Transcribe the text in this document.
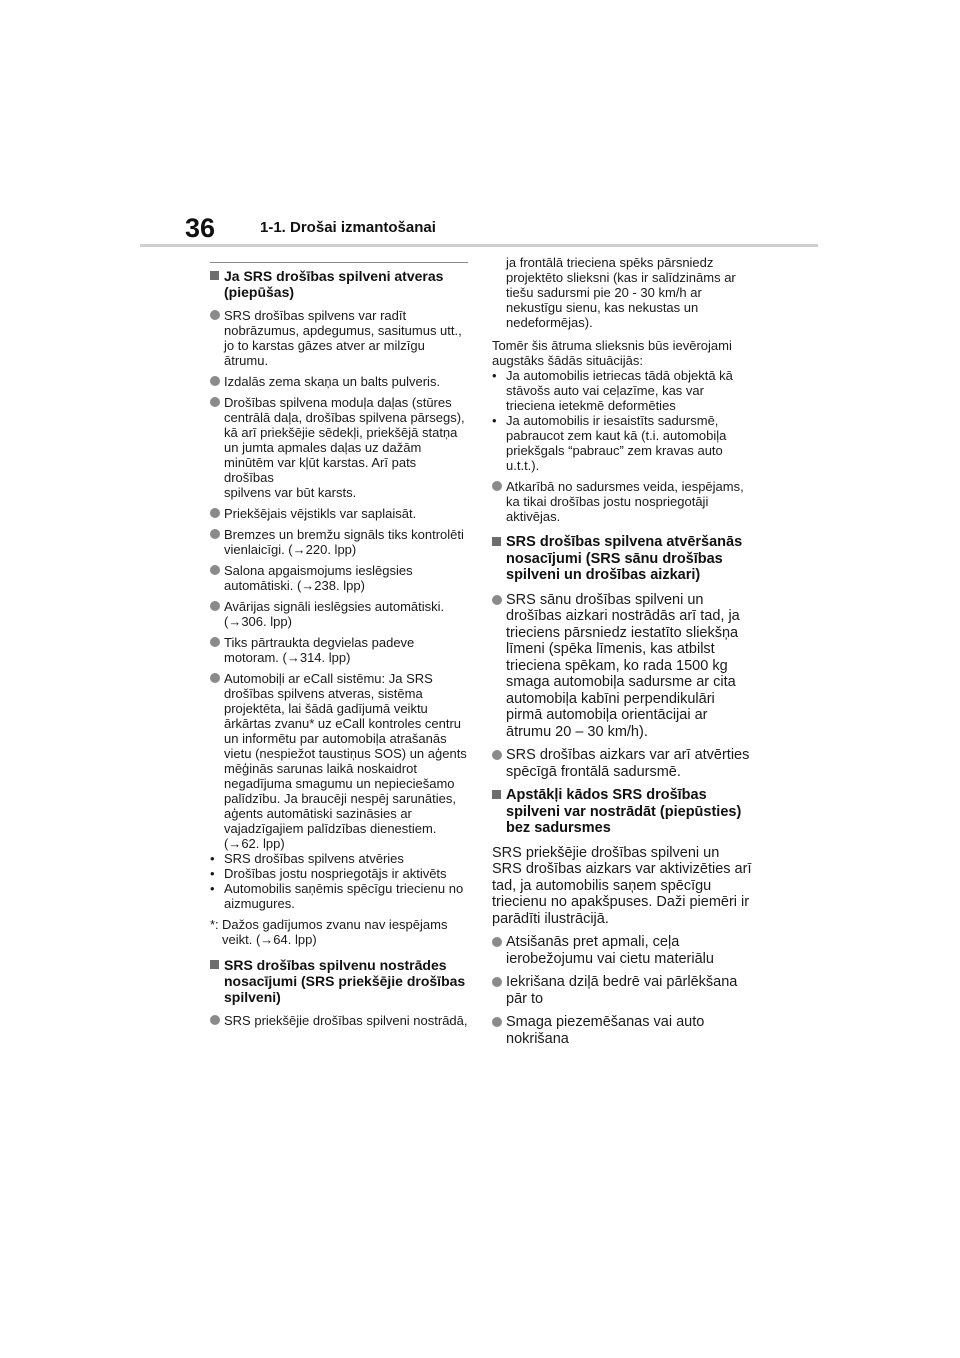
36	1-1. Drošai izmantošanai
Ja SRS drošības spilveni atveras
(piepūšas)
SRS drošības spilvens var radīt
nobrāzumus, apdegumus, sasitumus utt.,
jo to karstas gāzes atver ar milzīgu
ātrumu.
Izdalās zema skaņa un balts pulveris.
Drošības spilvena moduļa daļas (stūres
centrālā daļa, drošības spilvena pārsegs),
kā arī priekšējie sēdekļi, priekšējā statņa
un jumta apmales daļas uz dažām
minūtēm var kļūt karstas. Arī pats drošības
spilvens var būt karsts.
Priekšējais vējstikls var saplaisāt.
Bremzes un bremžu signāls tiks kontrolēti
vienlaicīgi. (→220. lpp)
Salona apgaismojums ieslēgsies
automātiski. (→238. lpp)
Avārijas signāli ieslēgsies automātiski.
(→306. lpp)
Tiks pārtraukta degvielas padeve
motoram. (→314. lpp)
Automobiļi ar eCall sistēmu: Ja SRS
drošības spilvens atveras, sistēma
projektēta, lai šādā gadījumā veiktu
ārkārtas zvanu* uz eCall kontroles centru
un informētu par automobiļa atrašanās
vietu (nespiežot taustiņus SOS) un aģents
mēģinās sarunas laikā noskaidrot
negadījuma smagumu un nepieciešamo
palīdzību. Ja braucēji nespēj sarunāties,
aģents automātiski sazināsies ar
vajadzīgajiem palīdzības dienestiem.
(→62. lpp)
• SRS drošības spilvens atvēries
• Drošības jostu nospriegotājs ir aktivēts
• Automobilis saņēmis spēcīgu triecienu no
aizmugures.
*: Dažos gadījumos zvanu nav iespējams
veikt. (→64. lpp)
SRS drošības spilvenu nostrādes
nosacījumi (SRS priekšējie drošības
spilveni)
SRS priekšējie drošības spilveni nostrādā,
ja frontālā trieciena spēks pārsniedz
projektēto slieksni (kas ir salīdzināms ar
tiešu sadursmi pie 20 - 30 km/h ar
nekustīgu sienu, kas nekustas un
nedeformējas).
Tomēr šis ātruma slieksnis būs ievērojami
augstāks šādās situācijās:
• Ja automobilis ietriecas tādā objektā kā
stāvošs auto vai ceļazīme, kas var
trieciena ietekmē deformēties
• Ja automobilis ir iesaistīts sadursmē,
pabraucot zem kaut kā (t.i. automobiļa
priekšgals “pabrauc” zem kravas auto
u.t.t.).
Atkarībā no sadursmes veida, iespējams,
ka tikai drošības jostu nospriegotāji
aktivējas.
SRS drošības spilvena atvēršanās
nosacījumi (SRS sānu drošības
spilveni un drošības aizkari)
SRS sānu drošības spilveni un
drošības aizkari nostrādās arī tad, ja
trieciens pārsniedz iestatīto sliekšņa
līmeni (spēka līmenis, kas atbilst
trieciena spēkam, ko rada 1500 kg
smaga automobiļa sadursme ar cita
automobiļa kabīni perpendikulāri
pirmā automobiļa orientācijai ar
ātrumu 20 – 30 km/h).
SRS drošības aizkars var arī atvērties
spēcīgā frontālā sadursmē.
Apstākļi kādos SRS drošības
spilveni var nostrādāt (piepūsties)
bez sadursmes
SRS priekšējie drošības spilveni un
SRS drošības aizkars var aktivizēties arī
tad, ja automobilis saņem spēcīgu
triecienu no apakšpuses. Daži piemēri ir
parādīti ilustrācijā.
Atsišanās pret apmali, ceļa
ierobežojumu vai cietu materiālu
Iekrišana dziļā bedrē vai pārlēkšana
pār to
Smaga piezemēšanas vai auto
nokrišana
